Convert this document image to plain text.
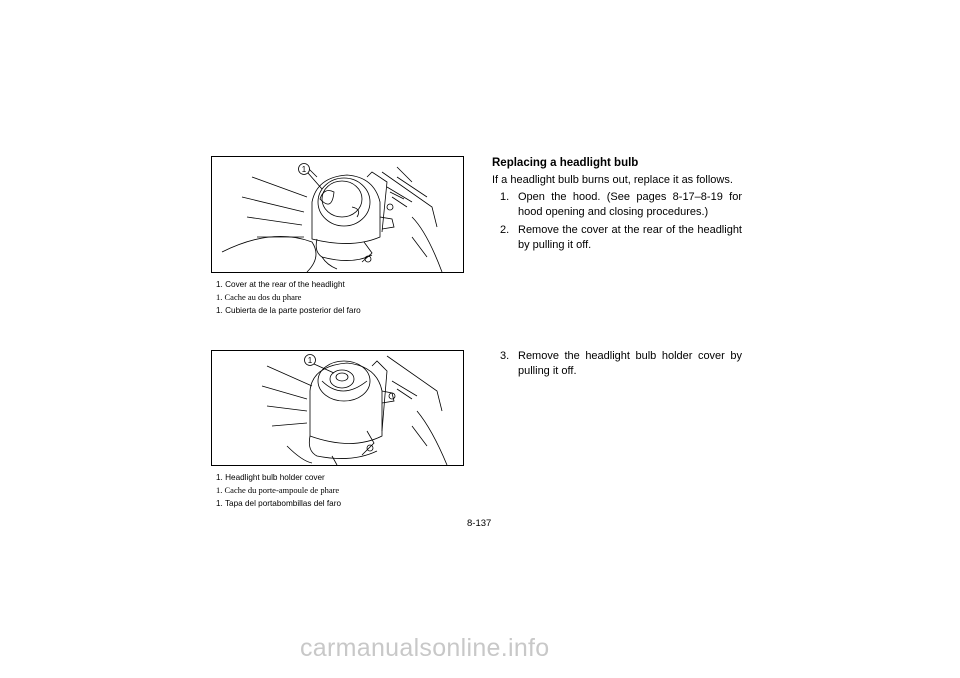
1
1. Cover at the rear of the headlight
1. Cache au dos du phare
1. Cubierta de la parte posterior del faro
1
1. Headlight bulb holder cover
1. Cache du porte-ampoule de phare
1. Tapa del portabombillas del faro
Replacing a headlight bulb
If a headlight bulb burns out, replace it as follows.
1. Open the hood. (See pages 8-17–8-19 for hood opening and closing procedures.)
2. Remove the cover at the rear of the headlight by pulling it off.
3. Remove the headlight bulb holder cover by pulling it off.
8-137
carmanualsonline.info
